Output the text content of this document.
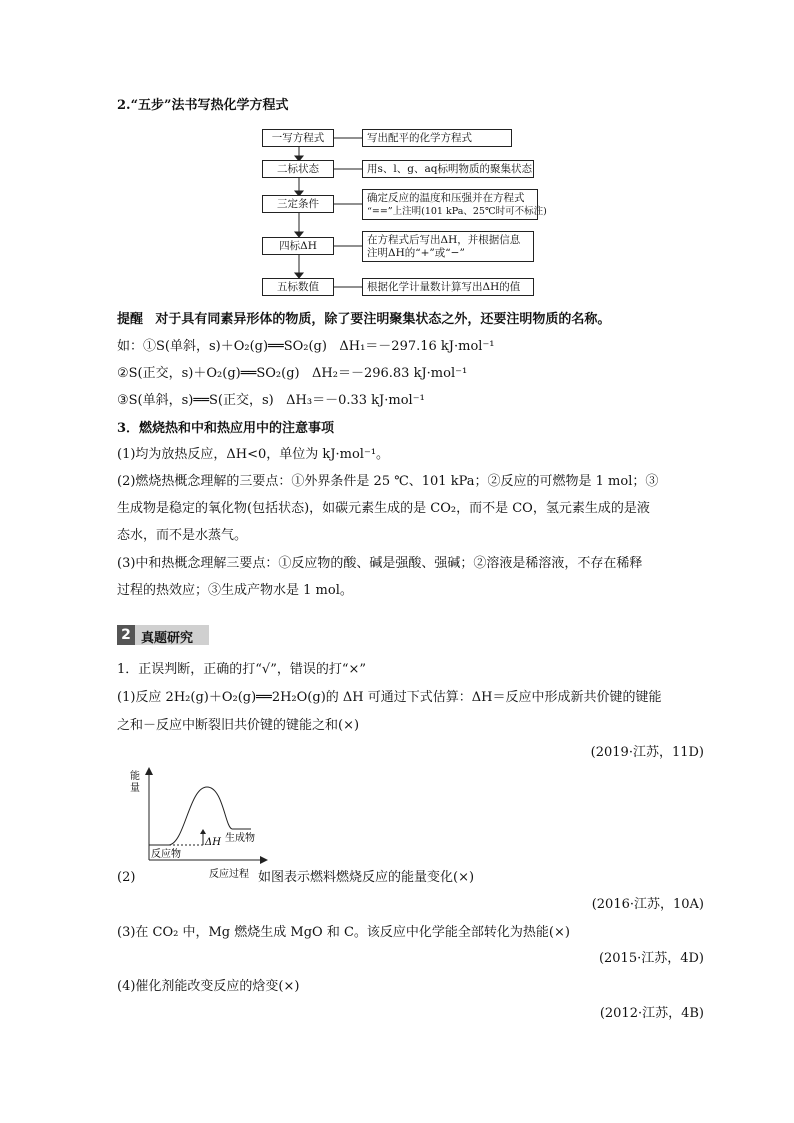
2.“五步”法书写热化学方程式
一写方程式	写出配平的化学方程式
二标状态	用s、l、g、aq标明物质的聚集状态
三定条件	确定反应的温度和压强并在方程式
“==”上注明(101 kPa、25℃时可不标注)
四标ΔH	在方程式后写出ΔH，并根据信息
注明ΔH的“+”或“−”
五标数值	根据化学计量数计算写出ΔH的值
提醒 对于具有同素异形体的物质，除了要注明聚集状态之外，还要注明物质的名称。
如：①S(单斜，s)＋O₂(g)══SO₂(g) ΔH₁＝－297.16 kJ·mol⁻¹
②S(正交，s)＋O₂(g)══SO₂(g) ΔH₂＝－296.83 kJ·mol⁻¹
③S(单斜，s)══S(正交，s) ΔH₃＝－0.33 kJ·mol⁻¹
3．燃烧热和中和热应用中的注意事项
(1)均为放热反应，ΔH<0，单位为 kJ·mol⁻¹。
(2)燃烧热概念理解的三要点：①外界条件是 25 ℃、101 kPa；②反应的可燃物是 1 mol；③
生成物是稳定的氧化物(包括状态)，如碳元素生成的是 CO₂，而不是 CO，氢元素生成的是液
态水，而不是水蒸气。
(3)中和热概念理解三要点：①反应物的酸、碱是强酸、强碱；②溶液是稀溶液，不存在稀释
过程的热效应；③生成产物水是 1 mol。
2 真题研究
1．正误判断，正确的打“√”，错误的打“×”
(1)反应 2H₂(g)＋O₂(g)══2H₂O(g)的 ΔH 可通过下式估算：ΔH＝反应中形成新共价键的键能
之和－反应中断裂旧共价键的键能之和(×)
(2019·江苏，11D)
能
量
ΔH 生成物
反应物
反应过程
(2)	如图表示燃料燃烧反应的能量变化(×)
(2016·江苏，10A)
(3)在 CO₂ 中，Mg 燃烧生成 MgO 和 C。该反应中化学能全部转化为热能(×)
(2015·江苏，4D)
(4)催化剂能改变反应的焓变(×)
(2012·江苏，4B)
